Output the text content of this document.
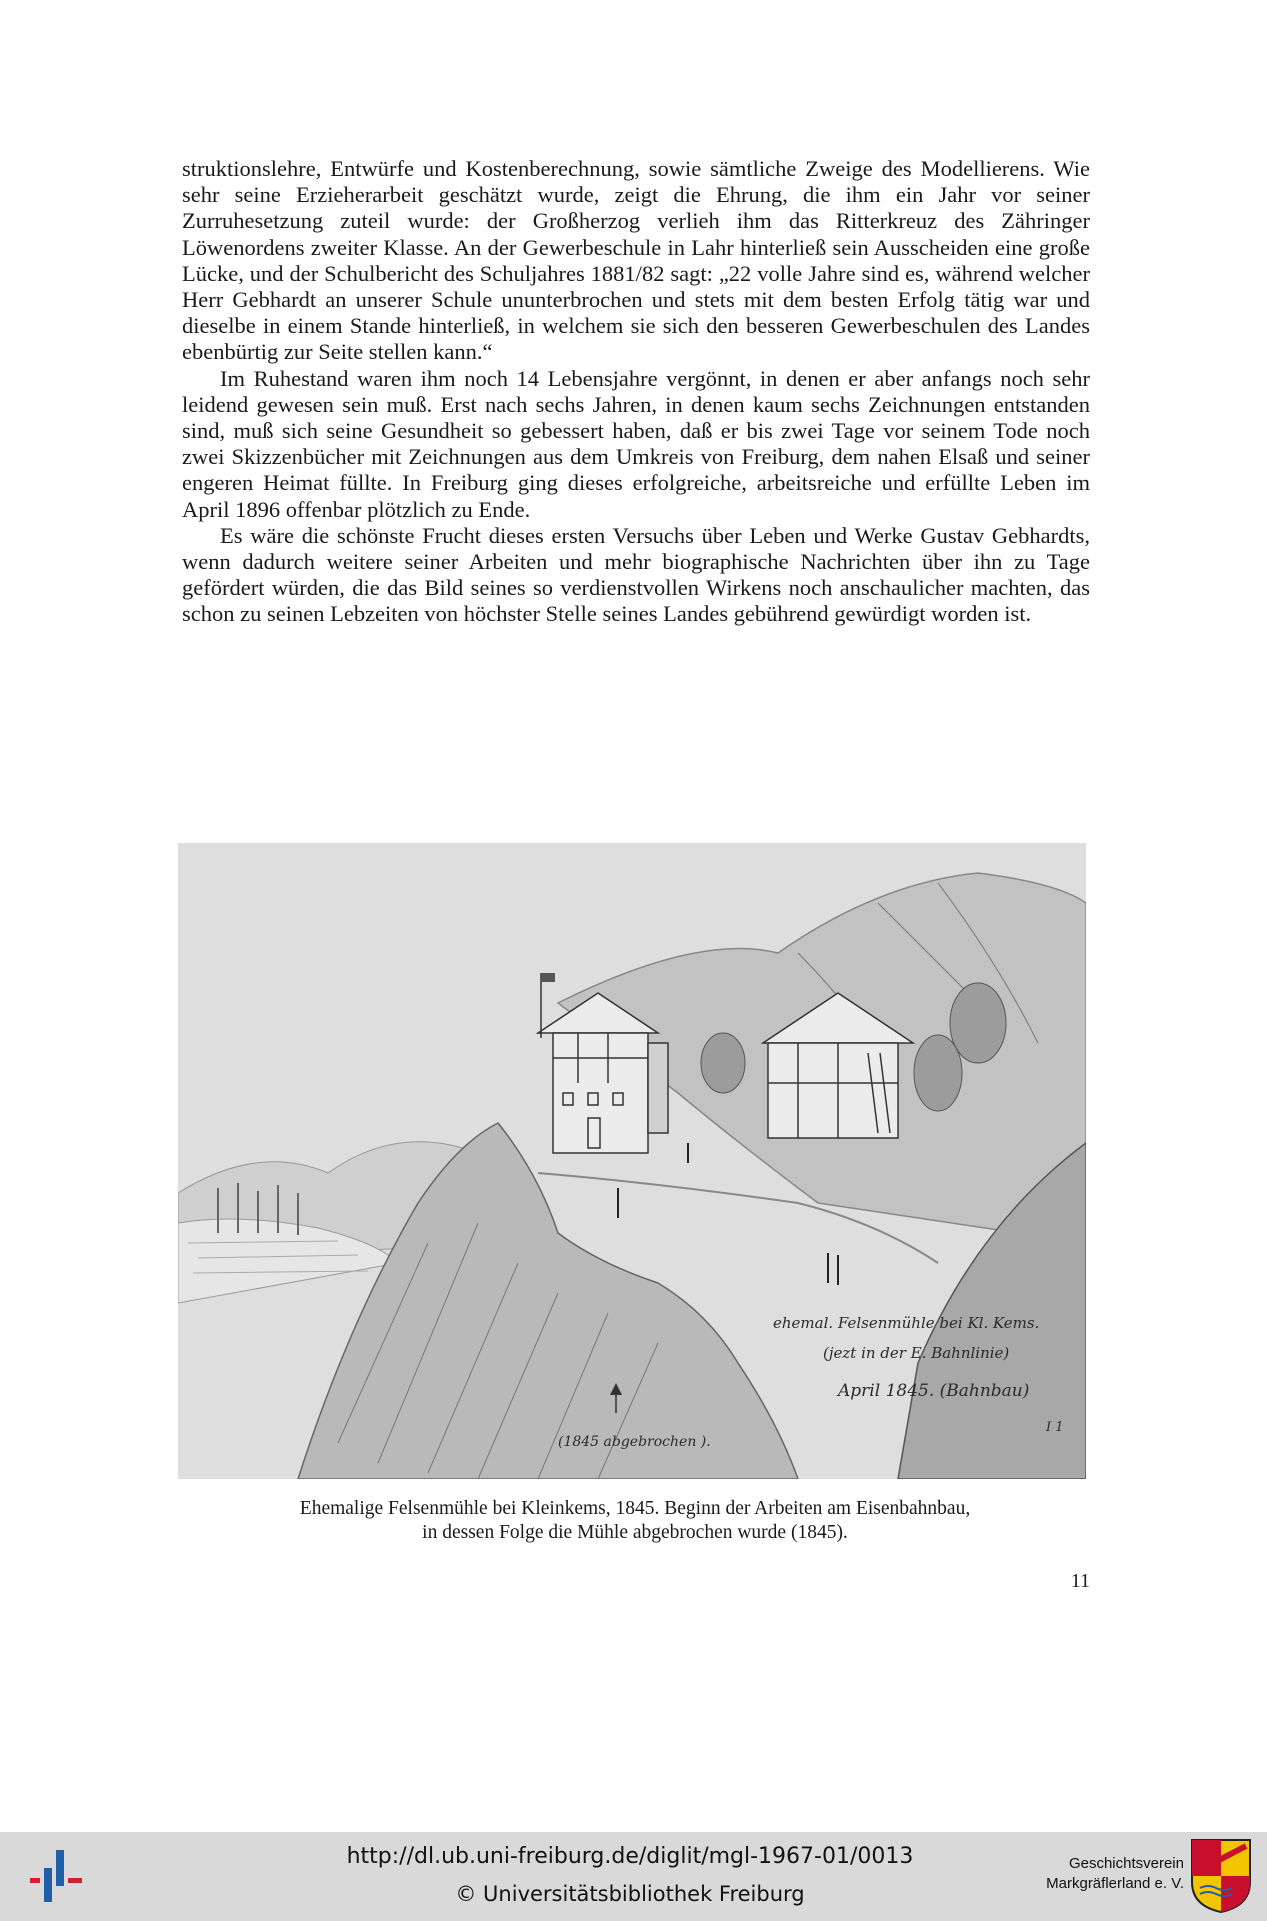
struktionslehre, Entwürfe und Kostenberechnung, sowie sämtliche Zweige des Modellierens. Wie sehr seine Erzieherarbeit geschätzt wurde, zeigt die Ehrung, die ihm ein Jahr vor seiner Zurruhesetzung zuteil wurde: der Großherzog verlieh ihm das Ritterkreuz des Zähringer Löwenordens zweiter Klasse. An der Gewerbeschule in Lahr hinterließ sein Ausscheiden eine große Lücke, und der Schulbericht des Schuljahres 1881/82 sagt: „22 volle Jahre sind es, während welcher Herr Gebhardt an unserer Schule ununterbrochen und stets mit dem besten Erfolg tätig war und dieselbe in einem Stande hinterließ, in welchem sie sich den besseren Gewerbeschulen des Landes ebenbürtig zur Seite stellen kann.“

Im Ruhestand waren ihm noch 14 Lebensjahre vergönnt, in denen er aber anfangs noch sehr leidend gewesen sein muß. Erst nach sechs Jahren, in denen kaum sechs Zeichnungen entstanden sind, muß sich seine Gesundheit so gebessert haben, daß er bis zwei Tage vor seinem Tode noch zwei Skizzenbücher mit Zeichnungen aus dem Umkreis von Freiburg, dem nahen Elsaß und seiner engeren Heimat füllte. In Freiburg ging dieses erfolgreiche, arbeitsreiche und erfüllte Leben im April 1896 offenbar plötzlich zu Ende.

Es wäre die schönste Frucht dieses ersten Versuchs über Leben und Werke Gustav Gebhardts, wenn dadurch weitere seiner Arbeiten und mehr biographische Nachrichten über ihn zu Tage gefördert würden, die das Bild seines so verdienstvollen Wirkens noch anschaulicher machten, das schon zu seinen Lebzeiten von höchster Stelle seines Landes gebührend gewürdigt worden ist.

ehemal. Felsenmühle bei Kl. Kems.
(jezt in der E. Bahnlinie)
April 1845. (Bahnbau)
I 1
(1845 abgebrochen ).
Ehemalige Felsenmühle bei Kleinkems, 1845. Beginn der Arbeiten am Eisenbahnbau,
in dessen Folge die Mühle abgebrochen wurde (1845).
11
http://dl.ub.uni-freiburg.de/diglit/mgl-1967-01/0013
© Universitätsbibliothek Freiburg
Geschichtsverein
Markgräflerland e. V.
